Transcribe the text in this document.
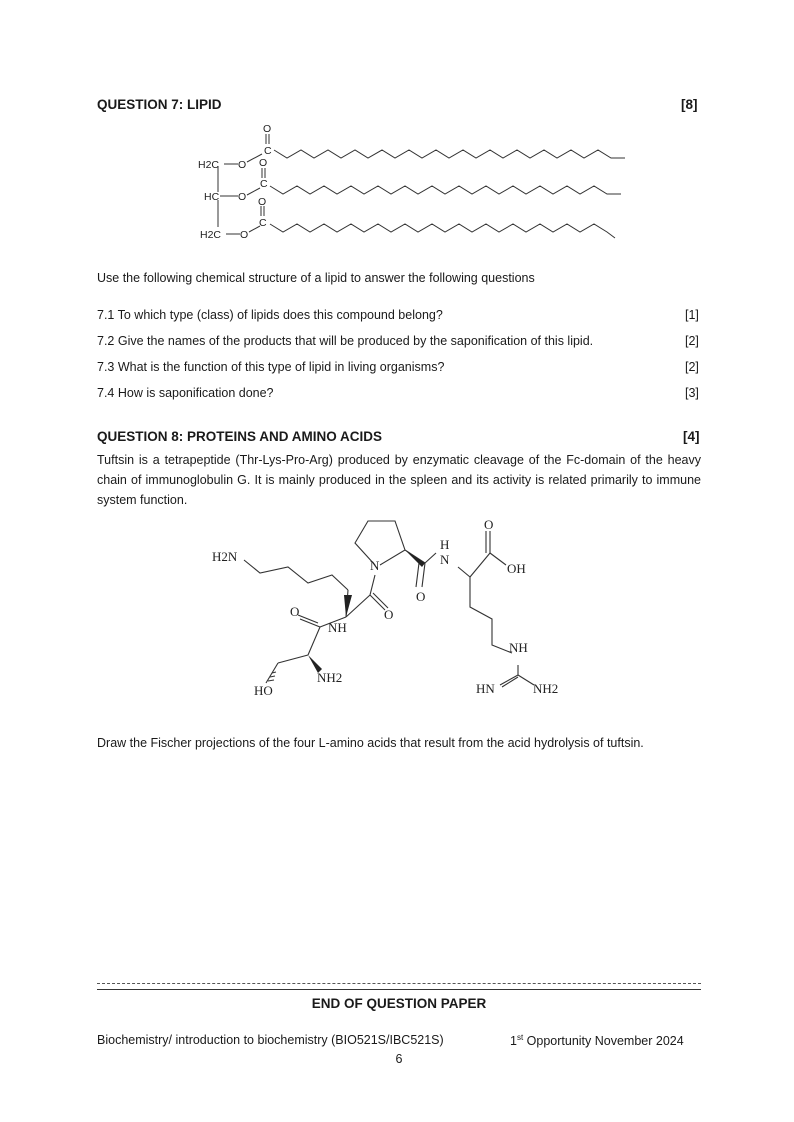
QUESTION 7: LIPID	[8]
H2C
HC
H2C
O
C
O
O
C
O
O
C
O
Use the following chemical structure of a lipid to answer the following questions
7.1 To which type (class) of lipids does this compound belong?	[1]
7.2 Give the names of the products that will be produced by the saponification of this lipid.	[2]
7.3 What is the function of this type of lipid in living organisms?	[2]
7.4 How is saponification done?	[3]
QUESTION 8: PROTEINS AND AMINO ACIDS	[4]
Tuftsin is a tetrapeptide (Thr-Lys-Pro-Arg) produced by enzymatic cleavage of the Fc-domain of the heavy chain of immunoglobulin G. It is mainly produced in the spleen and its activity is related primarily to immune system function.
H2N
N
O
O
H
N
O
OH
O
NH
NH2
HO
NH
HN	NH2
Draw the Fischer projections of the four L-amino acids that result from the acid hydrolysis of tuftsin.
END OF QUESTION PAPER
Biochemistry/ introduction to biochemistry (BIO521S/IBC521S)	1st Opportunity November 2024
6
